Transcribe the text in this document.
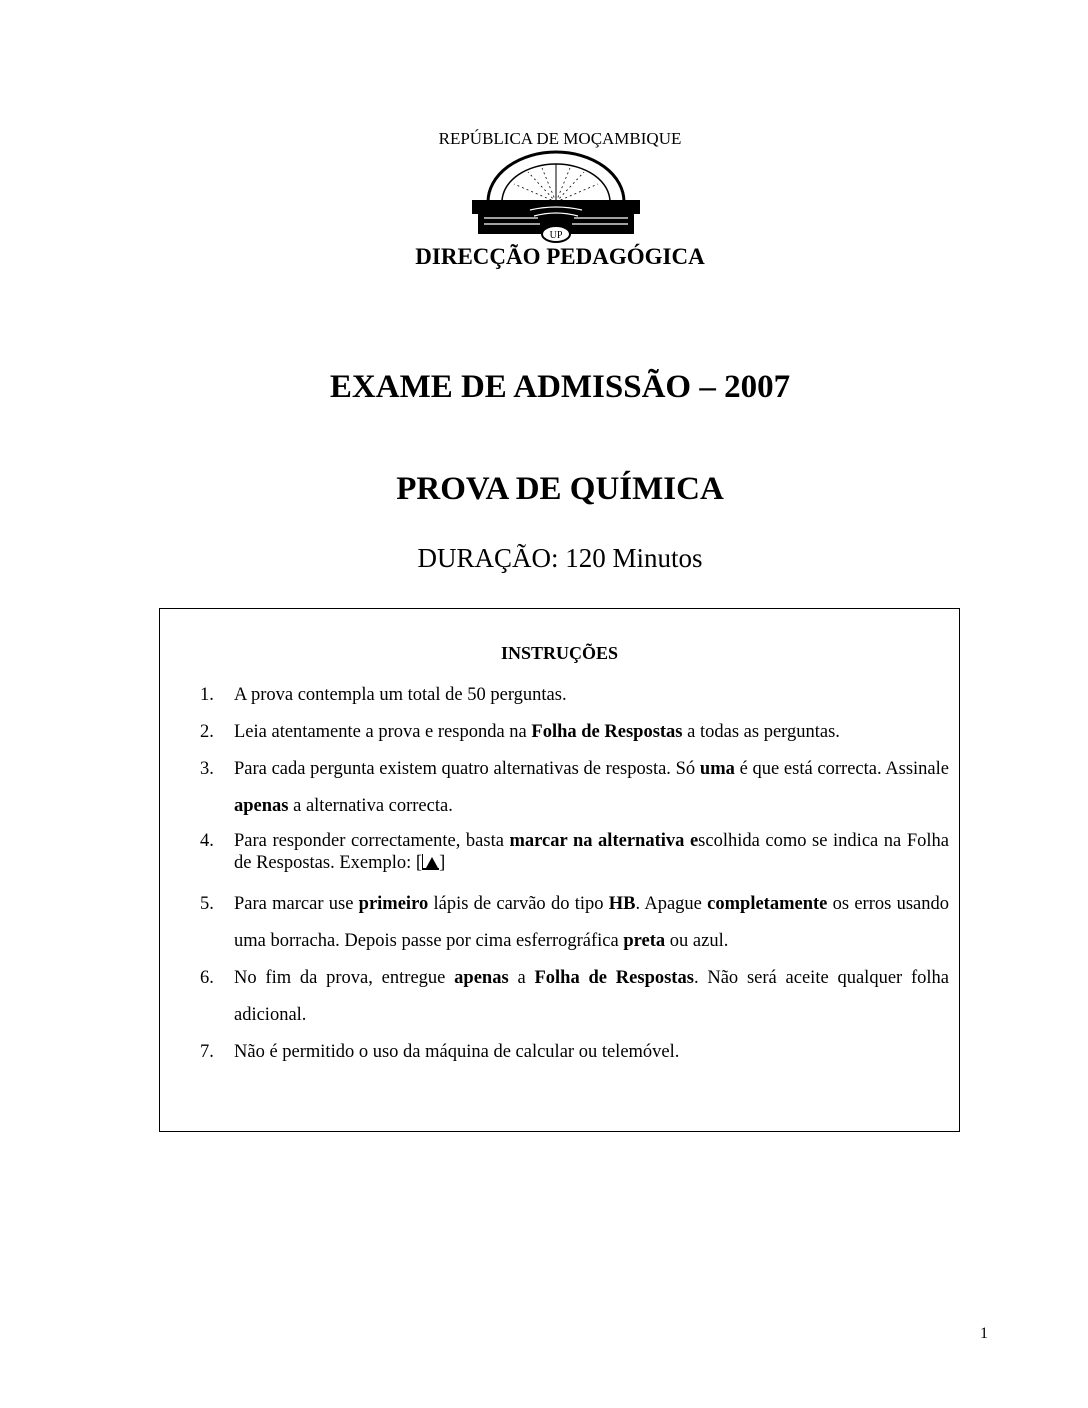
REPÚBLICA DE MOÇAMBIQUE
UP
DIRECÇÃO PEDAGÓGICA
EXAME DE ADMISSÃO – 2007
PROVA DE QUÍMICA
DURAÇÃO: 120 Minutos
INSTRUÇÕES
1. A prova contempla um total de 50 perguntas.
2. Leia atentamente a prova e responda na Folha de Respostas a todas as perguntas.
3. Para cada pergunta existem quatro alternativas de resposta. Só uma é que está correcta. Assinale apenas a alternativa correcta.
4. Para responder correctamente, basta marcar na alternativa escolhida como se indica na Folha de Respostas. Exemplo: [ ]
5. Para marcar use primeiro lápis de carvão do tipo HB. Apague completamente os erros usando uma borracha. Depois passe por cima esferrográfica preta ou azul.
6. No fim da prova, entregue apenas a Folha de Respostas. Não será aceite qualquer folha adicional.
7. Não é permitido o uso da máquina de calcular ou telemóvel.
1
